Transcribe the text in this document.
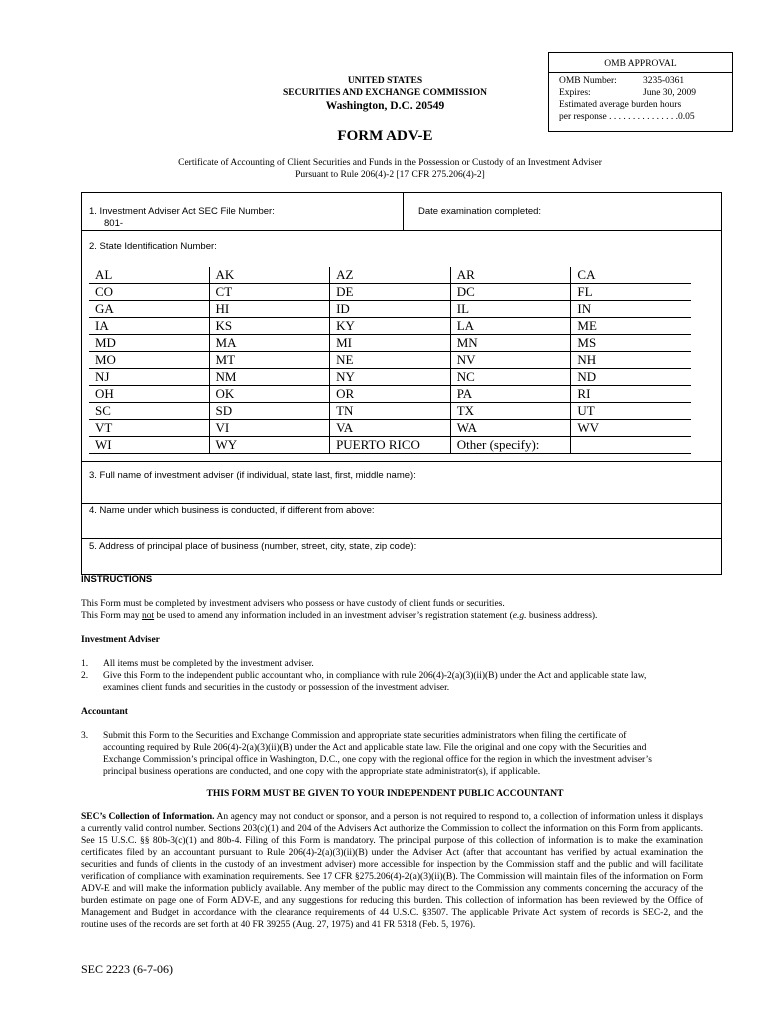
OMB APPROVAL
OMB Number:	3235-0361
Expires:	June 30, 2009
Estimated average burden hours
per response . . . . . . . . . . . . . . .0.05
UNITED STATES
SECURITIES AND EXCHANGE COMMISSION
Washington, D.C. 20549
FORM ADV-E
Certificate of Accounting of Client Securities and Funds in the Possession or Custody of an Investment Adviser
Pursuant to Rule 206(4)-2 [17 CFR 275.206(4)-2]
1. Investment Adviser Act SEC File Number:
801-
Date examination completed:
2. State Identification Number:
AL	AK	AZ	AR	CA
CO	CT	DE	DC	FL
GA	HI	ID	IL	IN
IA	KS	KY	LA	ME
MD	MA	MI	MN	MS
MO	MT	NE	NV	NH
NJ	NM	NY	NC	ND
OH	OK	OR	PA	RI
SC	SD	TN	TX	UT
VT	VI	VA	WA	WV
WI	WY	PUERTO RICO	Other (specify):	
3. Full name of investment adviser (if individual, state last, first, middle name):
4. Name under which business is conducted, if different from above:
5. Address of principal place of business (number, street, city, state, zip code):
INSTRUCTIONS
This Form must be completed by investment advisers who possess or have custody of client funds or securities.
This Form may not be used to amend any information included in an investment adviser’s registration statement (e.g. business address).
Investment Adviser
1. All items must be completed by the investment adviser.
2. Give this Form to the independent public accountant who, in compliance with rule 206(4)-2(a)(3)(ii)(B) under the Act and applicable state law,
examines client funds and securities in the custody or possession of the investment adviser.
Accountant
3. Submit this Form to the Securities and Exchange Commission and appropriate state securities administrators when filing the certificate of
accounting required by Rule 206(4)-2(a)(3)(ii)(B) under the Act and applicable state law. File the original and one copy with the Securities and
Exchange Commission’s principal office in Washington, D.C., one copy with the regional office for the region in which the investment adviser’s
principal business operations are conducted, and one copy with the appropriate state administrator(s), if applicable.
THIS FORM MUST BE GIVEN TO YOUR INDEPENDENT PUBLIC ACCOUNTANT
SEC’s Collection of Information. An agency may not conduct or sponsor, and a person is not required to respond to, a collection of information unless it displays a currently valid control number. Sections 203(c)(1) and 204 of the Advisers Act authorize the Commission to collect the information on this Form from applicants. See 15 U.S.C. §§ 80b-3(c)(1) and 80b-4. Filing of this Form is mandatory. The principal purpose of this collection of information is to make the examination certificates filed by an accountant pursuant to Rule 206(4)-2(a)(3)(ii)(B) under the Adviser Act (after that accountant has verified by actual examination the securities and funds of clients in the custody of an investment adviser) more accessible for inspection by the Commission staff and the public and will facilitate verification of compliance with examination requirements. See 17 CFR §275.206(4)-2(a)(3)(ii)(B). The Commission will maintain files of the information on Form ADV-E and will make the information publicly available. Any member of the public may direct to the Commission any comments concerning the accuracy of the burden estimate on page one of Form ADV-E, and any suggestions for reducing this burden. This collection of information has been reviewed by the Office of Management and Budget in accordance with the clearance requirements of 44 U.S.C. §3507. The applicable Private Act system of records is SEC-2, and the routine uses of the records are set forth at 40 FR 39255 (Aug. 27, 1975) and 41 FR 5318 (Feb. 5, 1976).
SEC 2223 (6-7-06)
